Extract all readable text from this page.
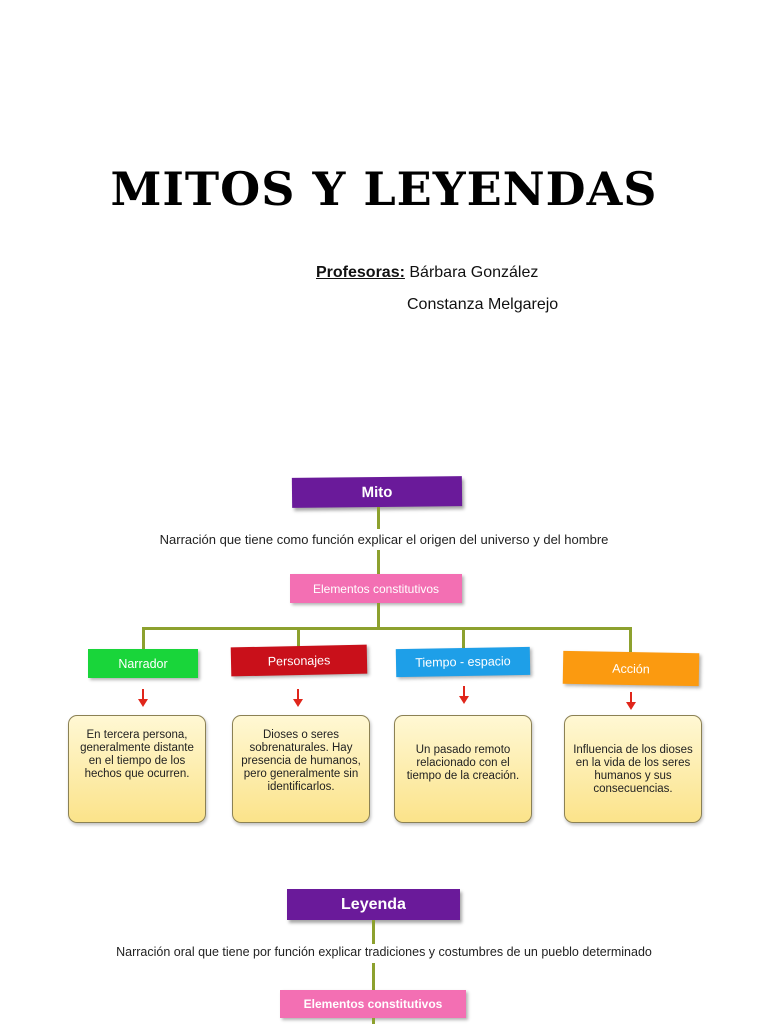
MITOS Y LEYENDAS
Profesoras: Bárbara González
Constanza Melgarejo
Mito
Narración que tiene como función explicar el origen del universo y del hombre
Elementos constitutivos
Narrador	Personajes	Tiempo - espacio	Acción
En tercera persona, generalmente distante en el tiempo de los hechos que ocurren.
Dioses o seres sobrenaturales. Hay presencia de humanos, pero generalmente sin identificarlos.
Un pasado remoto relacionado con el tiempo de la creación.
Influencia de los dioses en la vida de los seres humanos y sus consecuencias.
Leyenda
Narración oral que tiene por función explicar tradiciones y costumbres de un pueblo determinado
Elementos constitutivos
